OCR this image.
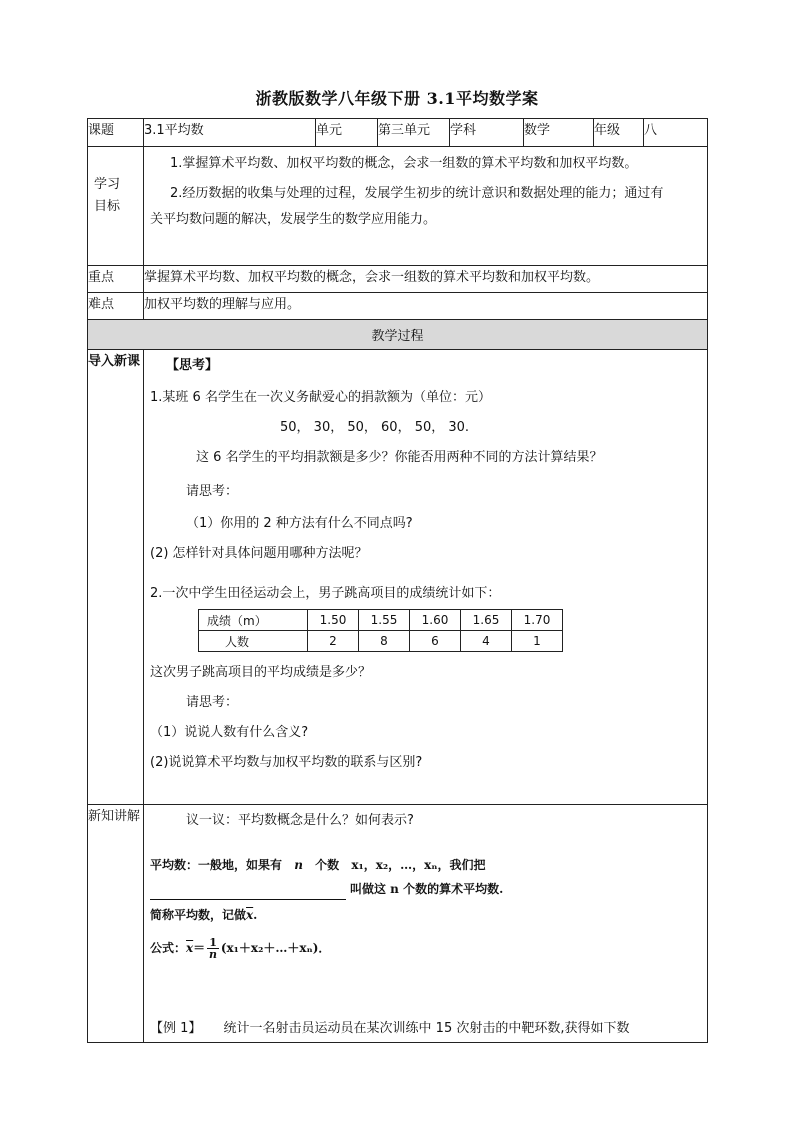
浙教版数学八年级下册 3.1平均数学案
课题	3.1平均数	单元	第三单元	学科	数学	年级	八

学习
目标

1.掌握算术平均数、加权平均数的概念，会求一组数的算术平均数和加权平均数。
2.经历数据的收集与处理的过程，发展学生初步的统计意识和数据处理的能力；通过有
关平均数问题的解决，发展学生的数学应用能力。

重点	掌握算术平均数、加权平均数的概念，会求一组数的算术平均数和加权平均数。
难点	加权平均数的理解与应用。
教学过程
导入新课	【思考】
1.某班 6 名学生在一次义务献爱心的捐款额为（单位：元）
50， 30， 50， 60， 50， 30.
这 6 名学生的平均捐款额是多少？你能否用两种不同的方法计算结果？
请思考：
（1）你用的 2 种方法有什么不同点吗?
(2) 怎样针对具体问题用哪种方法呢？
2.一次中学生田径运动会上，男子跳高项目的成绩统计如下：
成绩（m）	1.50	1.55	1.60	1.65	1.70
人数	2	8	6	4	1
这次男子跳高项目的平均成绩是多少？
请思考：
（1）说说人数有什么含义?
(2)说说算术平均数与加权平均数的联系与区别?

新知讲解	议一议：平均数概念是什么？如何表示?
平均数：一般地，如果有 n 个数 x₁，x₂，…，xₙ，我们把
叫做这 n 个数的算术平均数.
简称平均数，记做$\overline{x}$.
公式：$\overline{x}= \frac{1}{n}$ (x₁＋x₂＋…＋xₙ)．
【例 1】 统计一名射击员运动员在某次训练中 15 次射击的中靶环数,获得如下数
